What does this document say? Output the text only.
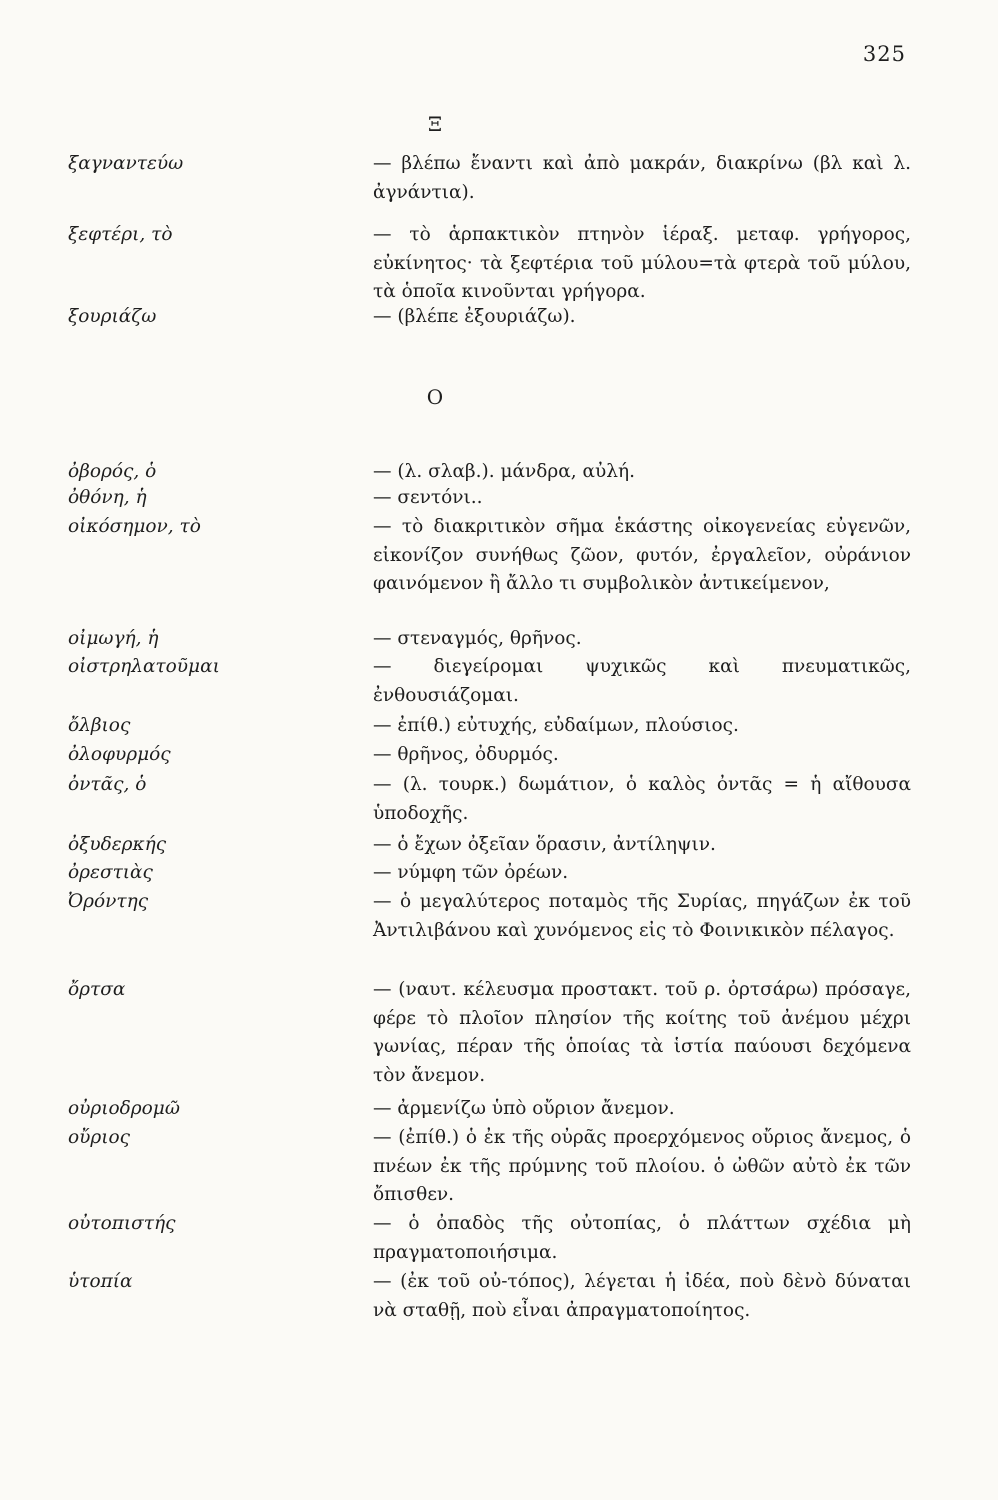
325
Ξ
ξαγναντεύω	— βλέπω ἔναντι καὶ ἀπὸ μακράν, διακρίνω (βλ καὶ λ. ἀγνάντια).
ξεφτέρι, τὸ	— τὸ ἁρπακτικὸν πτηνὸν ἱέραξ. μεταφ. γρήγορος, εὐκίνητος· τὰ ξεφτέρια τοῦ μύλου=τὰ φτερὰ τοῦ μύλου, τὰ ὁποῖα κινοῦνται γρήγορα.
ξουριάζω	— (βλέπε ἐξουριάζω).
Ο
ὀβορός, ὁ	— (λ. σλαβ.). μάνδρα, αὐλή.
ὀθόνη, ἡ	— σεντόνι..
οἰκόσημον, τὸ	— τὸ διακριτικὸν σῆμα ἑκάστης οἰκογενείας εὐγενῶν, εἰκονίζον συνήθως ζῶον, φυτόν, ἐργαλεῖον, οὐράνιον φαινόμενον ἢ ἄλλο τι συμβολικὸν ἀντικείμενον,
οἰμωγή, ἡ	— στεναγμός, θρῆνος.
οἰστρηλατοῦμαι	— διεγείρομαι ψυχικῶς καὶ πνευματικῶς, ἐνθουσιάζομαι.
ὄλβιος	— ἐπίθ.) εὐτυχής, εὐδαίμων, πλούσιος.
ὀλοφυρμός	— θρῆνος, ὀδυρμός.
ὀντᾶς, ὁ	— (λ. τουρκ.) δωμάτιον, ὁ καλὸς ὀντᾶς = ἡ αἴθουσα ὑποδοχῆς.
ὀξυδερκής	— ὁ ἔχων ὀξεῖαν ὅρασιν, ἀντίληψιν.
ὀρεστιὰς	— νύμφη τῶν ὀρέων.
Ὀρόντης	— ὁ μεγαλύτερος ποταμὸς τῆς Συρίας, πηγάζων ἐκ τοῦ Ἀντιλιβάνου καὶ χυνόμενος εἰς τὸ Φοινικικὸν πέλαγος.
ὄρτσα	— (ναυτ. κέλευσμα προστακτ. τοῦ ρ. ὀρτσάρω) πρόσαγε, φέρε τὸ πλοῖον πλησίον τῆς κοίτης τοῦ ἀνέμου μέχρι γωνίας, πέραν τῆς ὁποίας τὰ ἱστία παύουσι δεχόμενα τὸν ἄνεμον.
οὐριοδρομῶ	— ἀρμενίζω ὑπὸ οὔριον ἄνεμον.
οὔριος	— (ἐπίθ.) ὁ ἐκ τῆς οὐρᾶς προερχόμενος οὔριος ἄνεμος, ὁ πνέων ἐκ τῆς πρύμνης τοῦ πλοίου. ὁ ὠθῶν αὐτὸ ἐκ τῶν ὄπισθεν.
οὐτοπιστής	— ὁ ὀπαδὸς τῆς οὐτοπίας, ὁ πλάττων σχέδια μὴ πραγματοποιήσιμα.
ὑτοπία	— (ἐκ τοῦ οὐ-τόπος), λέγεται ἡ ἰδέα, ποὺ δὲνὸ δύναται νὰ σταθῇ, ποὺ εἶναι ἀπραγματοποίητος.
